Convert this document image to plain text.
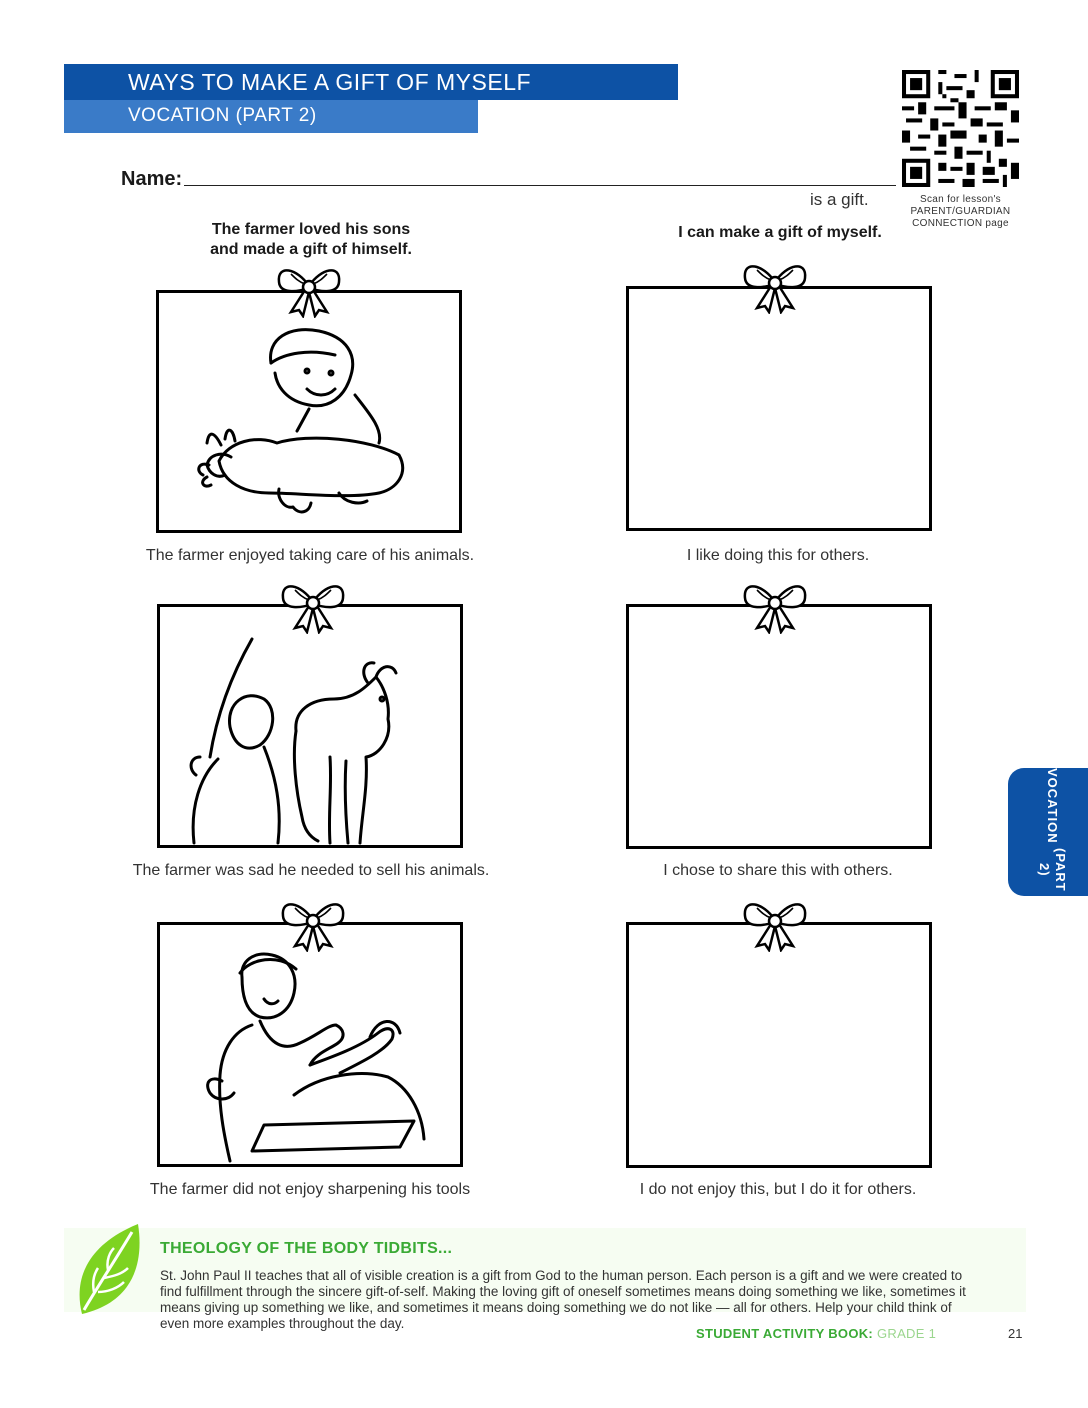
WAYS TO MAKE A GIFT OF MYSELF
VOCATION (PART 2)
Scan for lesson's
PARENT/GUARDIAN
CONNECTION page
Name:
is a gift.
The farmer loved his sons
and made a gift of himself.
I can make a gift of myself.
The farmer enjoyed taking care of his animals.
The farmer was sad he needed to sell his animals.
The farmer did not enjoy sharpening his tools
I like doing this for others.
I chose to share this with others.
I do not enjoy this, but I do it for others.
VOCATION
(PART 2)
THEOLOGY OF THE BODY TIDBITS...
St. John Paul II teaches that all of visible creation is a gift from God to the human person. Each person is a gift and we were created to find fulfillment through the sincere gift-of-self. Making the loving gift of oneself sometimes means doing something we like, sometimes it means giving up something we like, and sometimes it means doing something we do not like — all for others. Help your child think of even more examples throughout the day.
STUDENT ACTIVITY BOOK: GRADE 1	21
